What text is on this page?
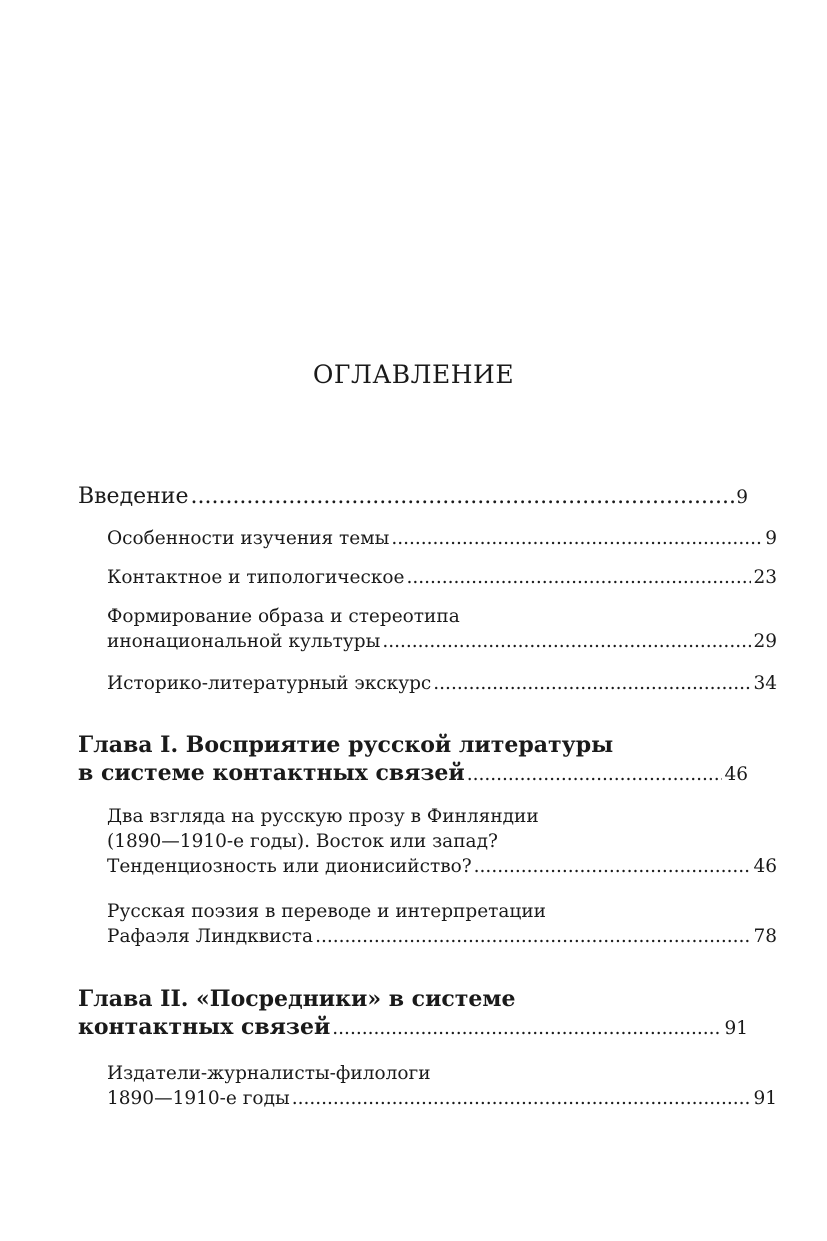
ОГЛАВЛЕНИЕ
Введение .....	9
Особенности изучения темы .....	9
Контактное и типологическое .....	23
Формирование образа и стереотипа
инонациональной культуры .....	29
Историко-литературный экскурс .....	34
Глава I. Восприятие русской литературы
в системе контактных связей .....	46
Два взгляда на русскую прозу в Финляндии
(1890—1910-е годы). Восток или запад?
Тенденциозность или дионисийство? .....	46
Русская поэзия в переводе и интерпретации
Рафаэля Линдквиста .....	78
Глава II. «Посредники» в системе
контактных связей .....	91
Издатели-журналисты-филологи
1890—1910-е годы .....	91
